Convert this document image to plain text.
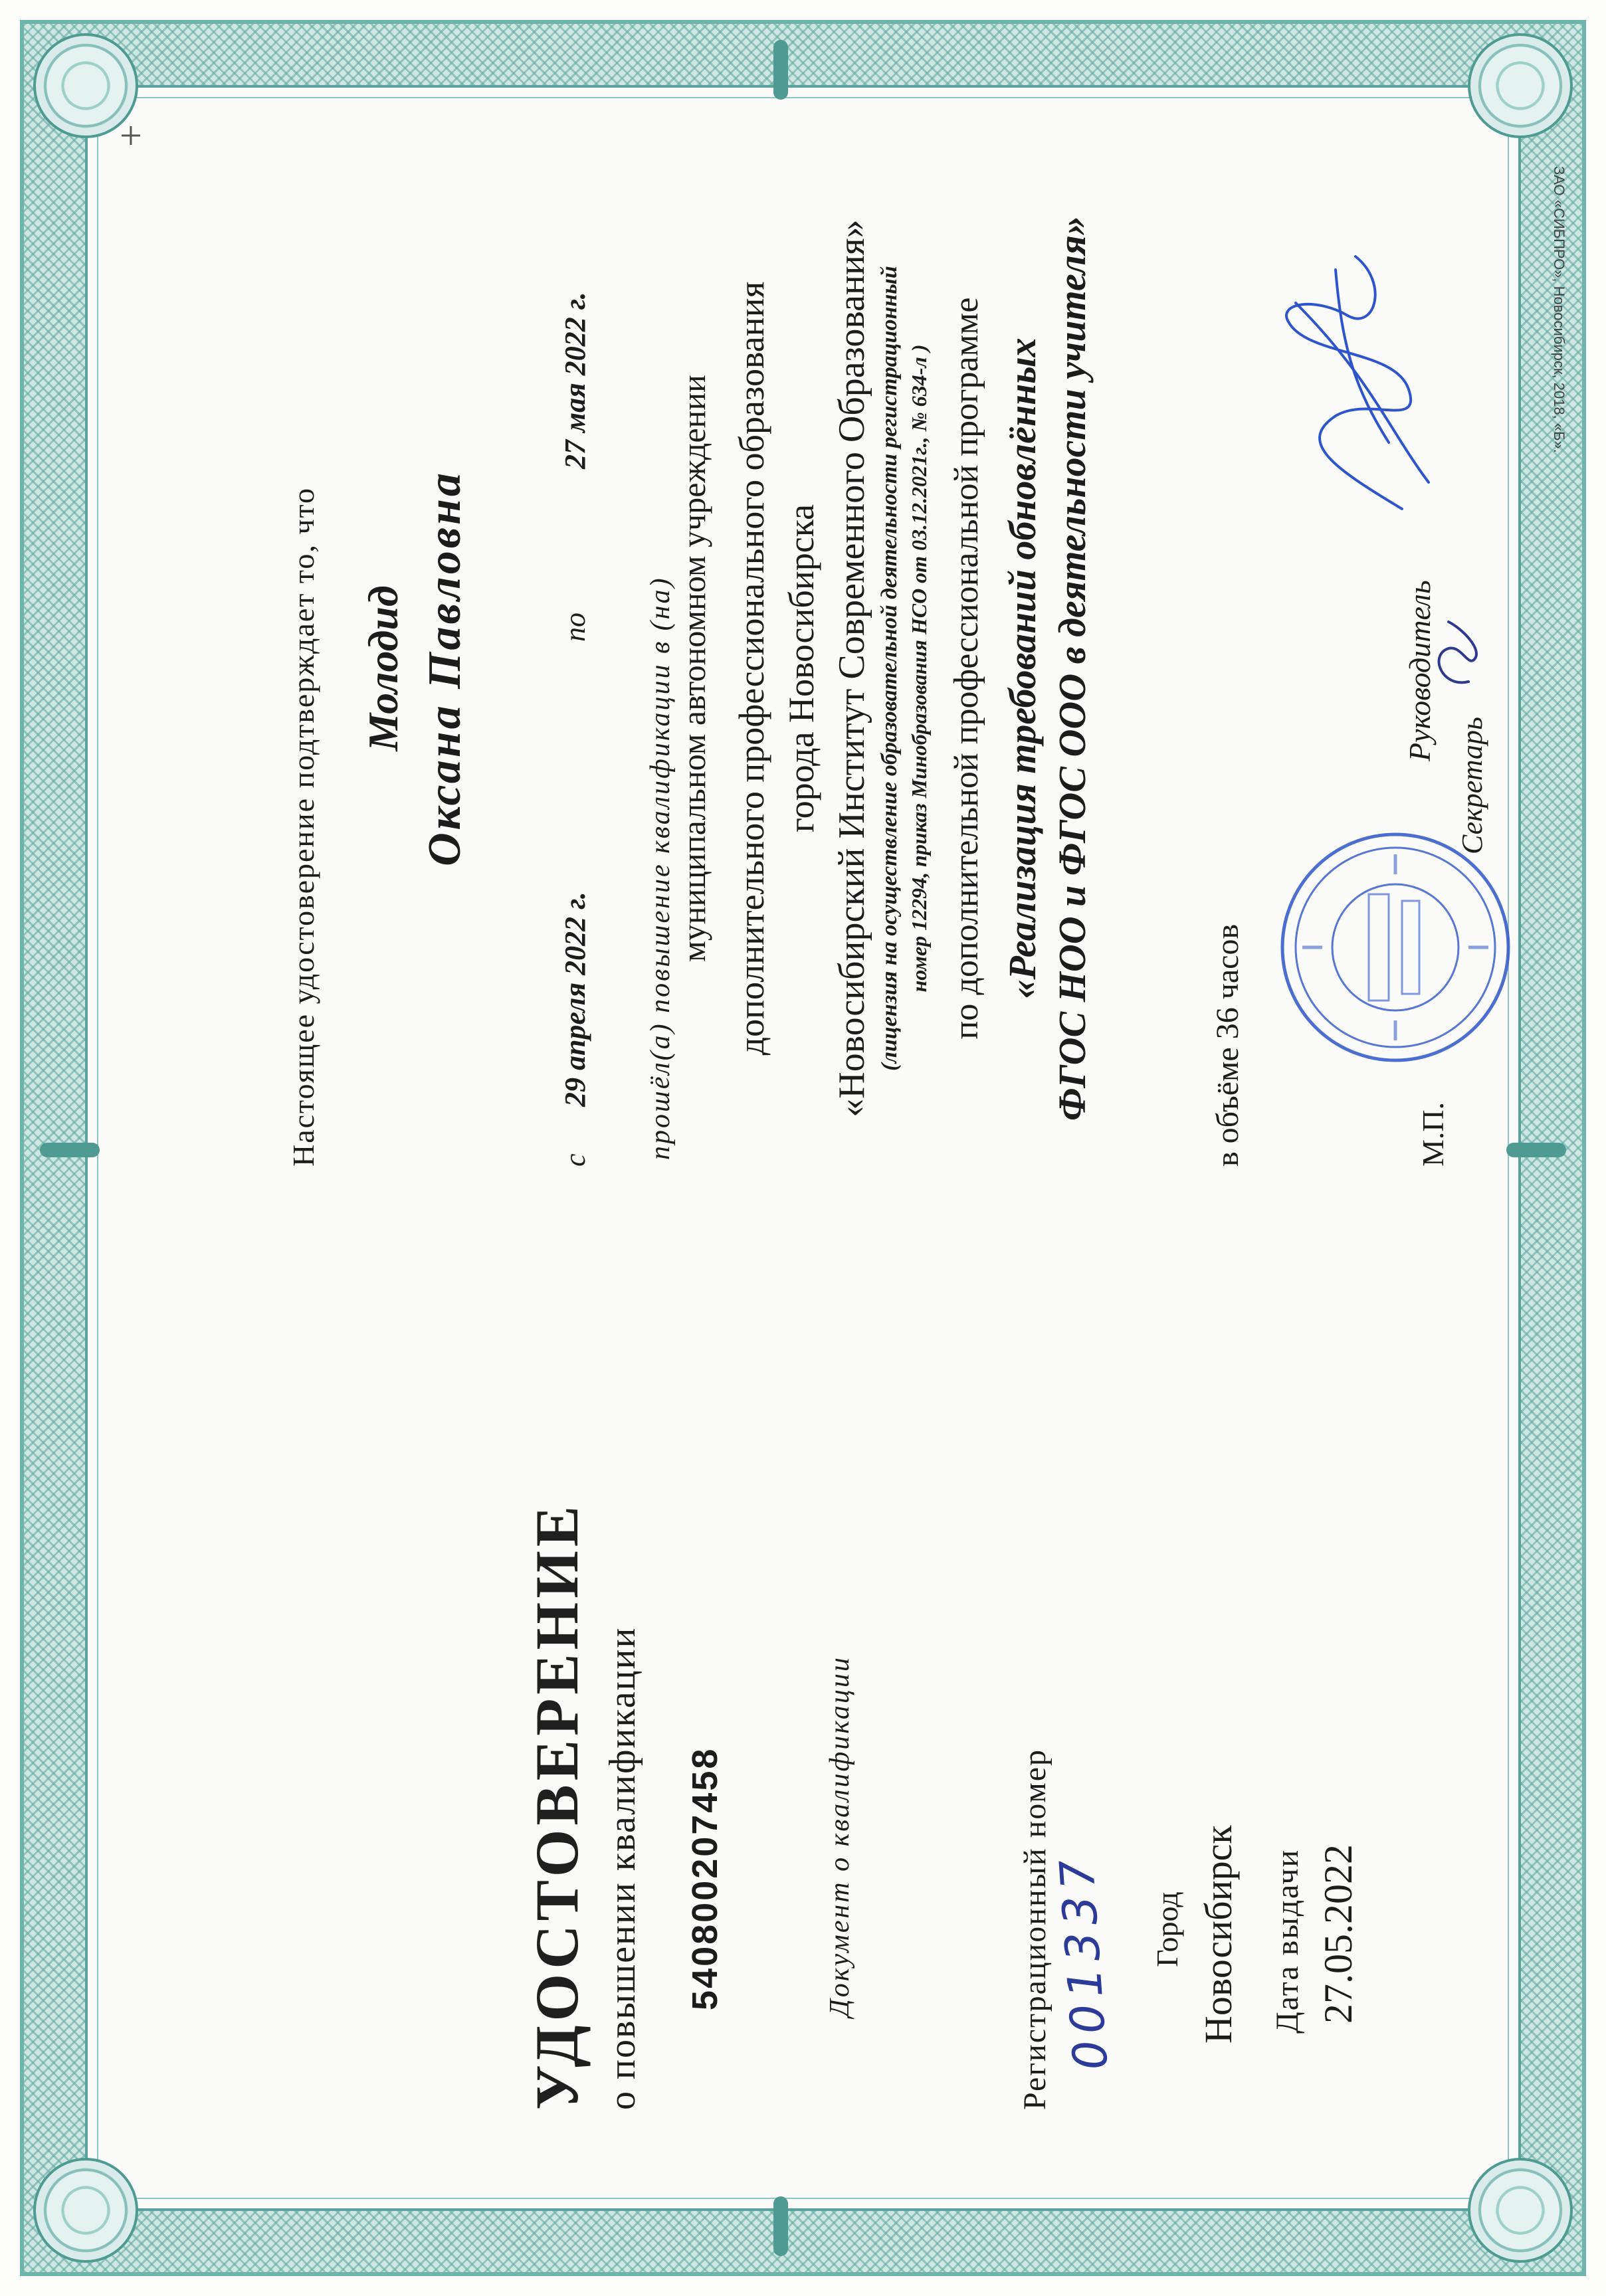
+
ЗАО «СИБПРО», Новосибирск, 2018, «Б».
УДОСТОВЕРЕНИЕ о повышении квалификации 540800207458	Документ о квалификации	Регистрационный номер
001337 Город Новосибирск Дата выдачи 27.05.2022
Настоящее удостоверение подтверждает то, что Молодид Оксана Павловна
с
29 апреля 2022 г.
по
27 мая 2022 г.
прошёл(а) повышение квалификации в (на) муниципальном автономном учреждении дополнительного профессионального образования города Новосибирска «Новосибирский Институт Современного Образования» (лицензия на осуществление образовательной деятельности регистрационный номер 12294, приказ Минобразования НСО от 03.12.2021г., № 634-л ) по дополнительной профессиональной программе «Реализация требований обновлённых ФГОС НОО и ФГОС ООО в деятельности учителя»	в объёме 36 часов	М.П.
Секретарь
Руководитель
